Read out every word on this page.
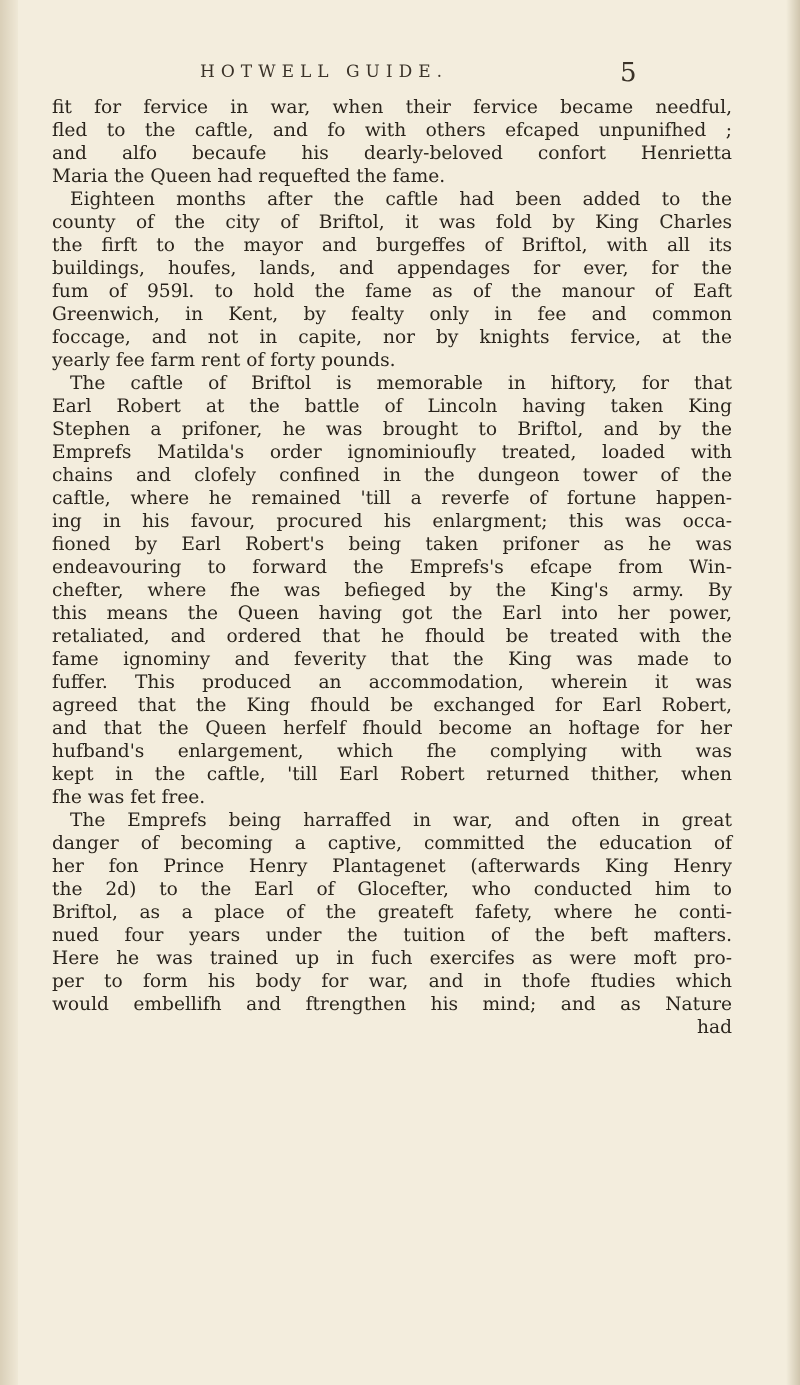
HOTWELL GUIDE.	5
fit for fervice in war, when their fervice became needful,
fled to the caftle, and fo with others efcaped unpunifhed ;
and alfo becaufe his dearly-beloved confort Henrietta
Maria the Queen had requefted the fame.
Eighteen months after the caftle had been added to the
county of the city of Briftol, it was fold by King Charles
the firft to the mayor and burgeffes of Briftol, with all its
buildings, houfes, lands, and appendages for ever, for the
fum of 959l. to hold the fame as of the manour of Eaft
Greenwich, in Kent, by fealty only in fee and common
foccage, and not in capite, nor by knights fervice, at the
yearly fee farm rent of forty pounds.
The caftle of Briftol is memorable in hiftory, for that
Earl Robert at the battle of Lincoln having taken King
Stephen a prifoner, he was brought to Briftol, and by the
Emprefs Matilda's order ignominioufly treated, loaded with
chains and clofely confined in the dungeon tower of the
caftle, where he remained 'till a reverfe of fortune happen-
ing in his favour, procured his enlargment; this was occa-
fioned by Earl Robert's being taken prifoner as he was
endeavouring to forward the Emprefs's efcape from Win-
chefter, where fhe was befieged by the King's army. By
this means the Queen having got the Earl into her power,
retaliated, and ordered that he fhould be treated with the
fame ignominy and feverity that the King was made to
fuffer. This produced an accommodation, wherein it was
agreed that the King fhould be exchanged for Earl Robert,
and that the Queen herfelf fhould become an hoftage for her
hufband's enlargement, which fhe complying with was
kept in the caftle, 'till Earl Robert returned thither, when
fhe was fet free.
The Emprefs being harraffed in war, and often in great
danger of becoming a captive, committed the education of
her fon Prince Henry Plantagenet (afterwards King Henry
the 2d) to the Earl of Glocefter, who conducted him to
Briftol, as a place of the greateft fafety, where he conti-
nued four years under the tuition of the beft mafters.
Here he was trained up in fuch exercifes as were moft pro-
per to form his body for war, and in thofe ftudies which
would embellifh and ftrengthen his mind; and as Nature
had
